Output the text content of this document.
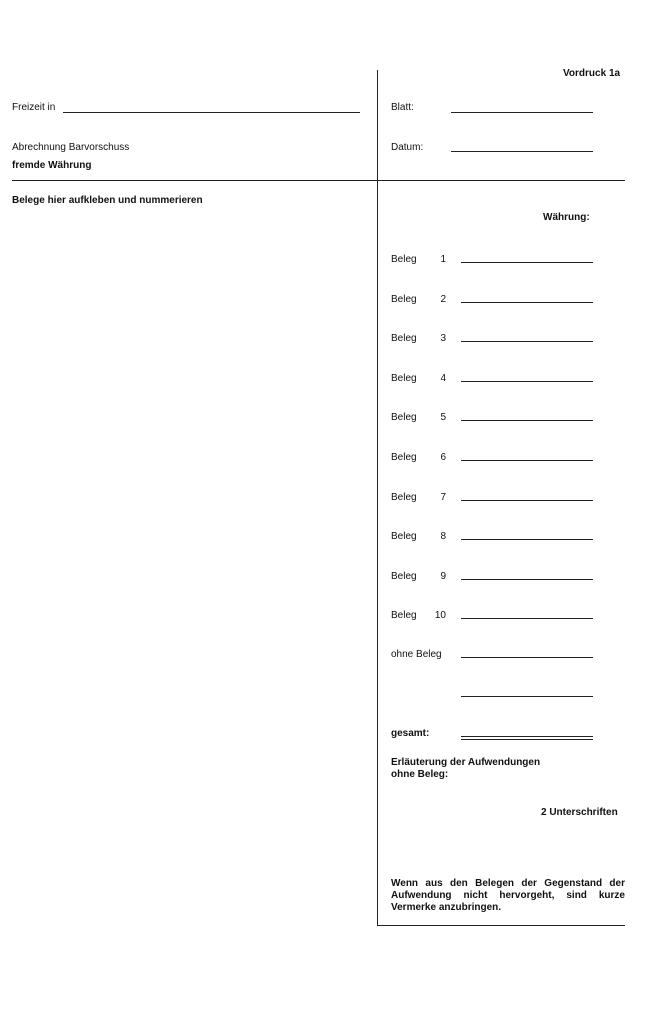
Vordruck 1a
Freizeit in
Abrechnung Barvorschuss
fremde Währung
Blatt:
Datum:
Belege hier aufkleben und nummerieren
Währung:
Beleg	1
Beleg	2
Beleg	3
Beleg	4
Beleg	5
Beleg	6
Beleg	7
Beleg	8
Beleg	9
Beleg 10
ohne Beleg
gesamt:
Erläuterung der Aufwendungen
ohne Beleg:
2 Unterschriften
Wenn aus den Belegen der Gegenstand der Aufwendung nicht hervorgeht, sind kurze Vermerke anzubringen.
